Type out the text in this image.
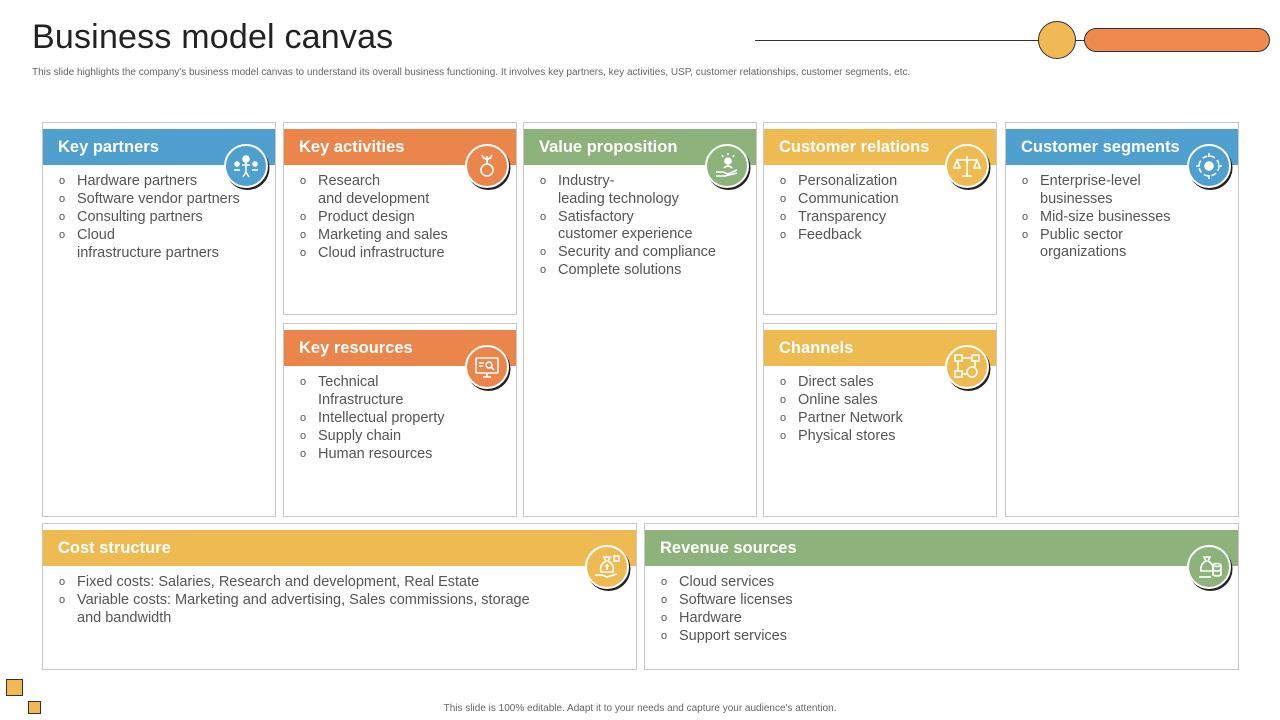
Business model canvas

This slide highlights the company's business model canvas to understand its overall business functioning. It involves key partners, key activities, USP, customer relationships, customer segments, etc.

Key partners
o Hardware partners
o Software vendor partners
o Consulting partners
o Cloud
infrastructure partners
Key activities
o Research
and development
o Product design
o Marketing and sales
o Cloud infrastructure
Value proposition
o Industry-
leading technology
o Satisfactory
customer experience
o Security and compliance
o Complete solutions
Customer relations
o Personalization
o Communication
o Transparency
o Feedback
Customer segments
o Enterprise-level
businesses
o Mid-size businesses
o Public sector
organizations
Key resources
o Technical
Infrastructure
o Intellectual property
o Supply chain
o Human resources
Channels
o Direct sales
o Online sales
o Partner Network
o Physical stores
Cost structure
o Fixed costs: Salaries, Research and development, Real Estate
o Variable costs: Marketing and advertising, Sales commissions, storage
and bandwidth
Revenue sources
o Cloud services
o Software licenses
o Hardware
o Support services

This slide is 100% editable. Adapt it to your needs and capture your audience's attention.
